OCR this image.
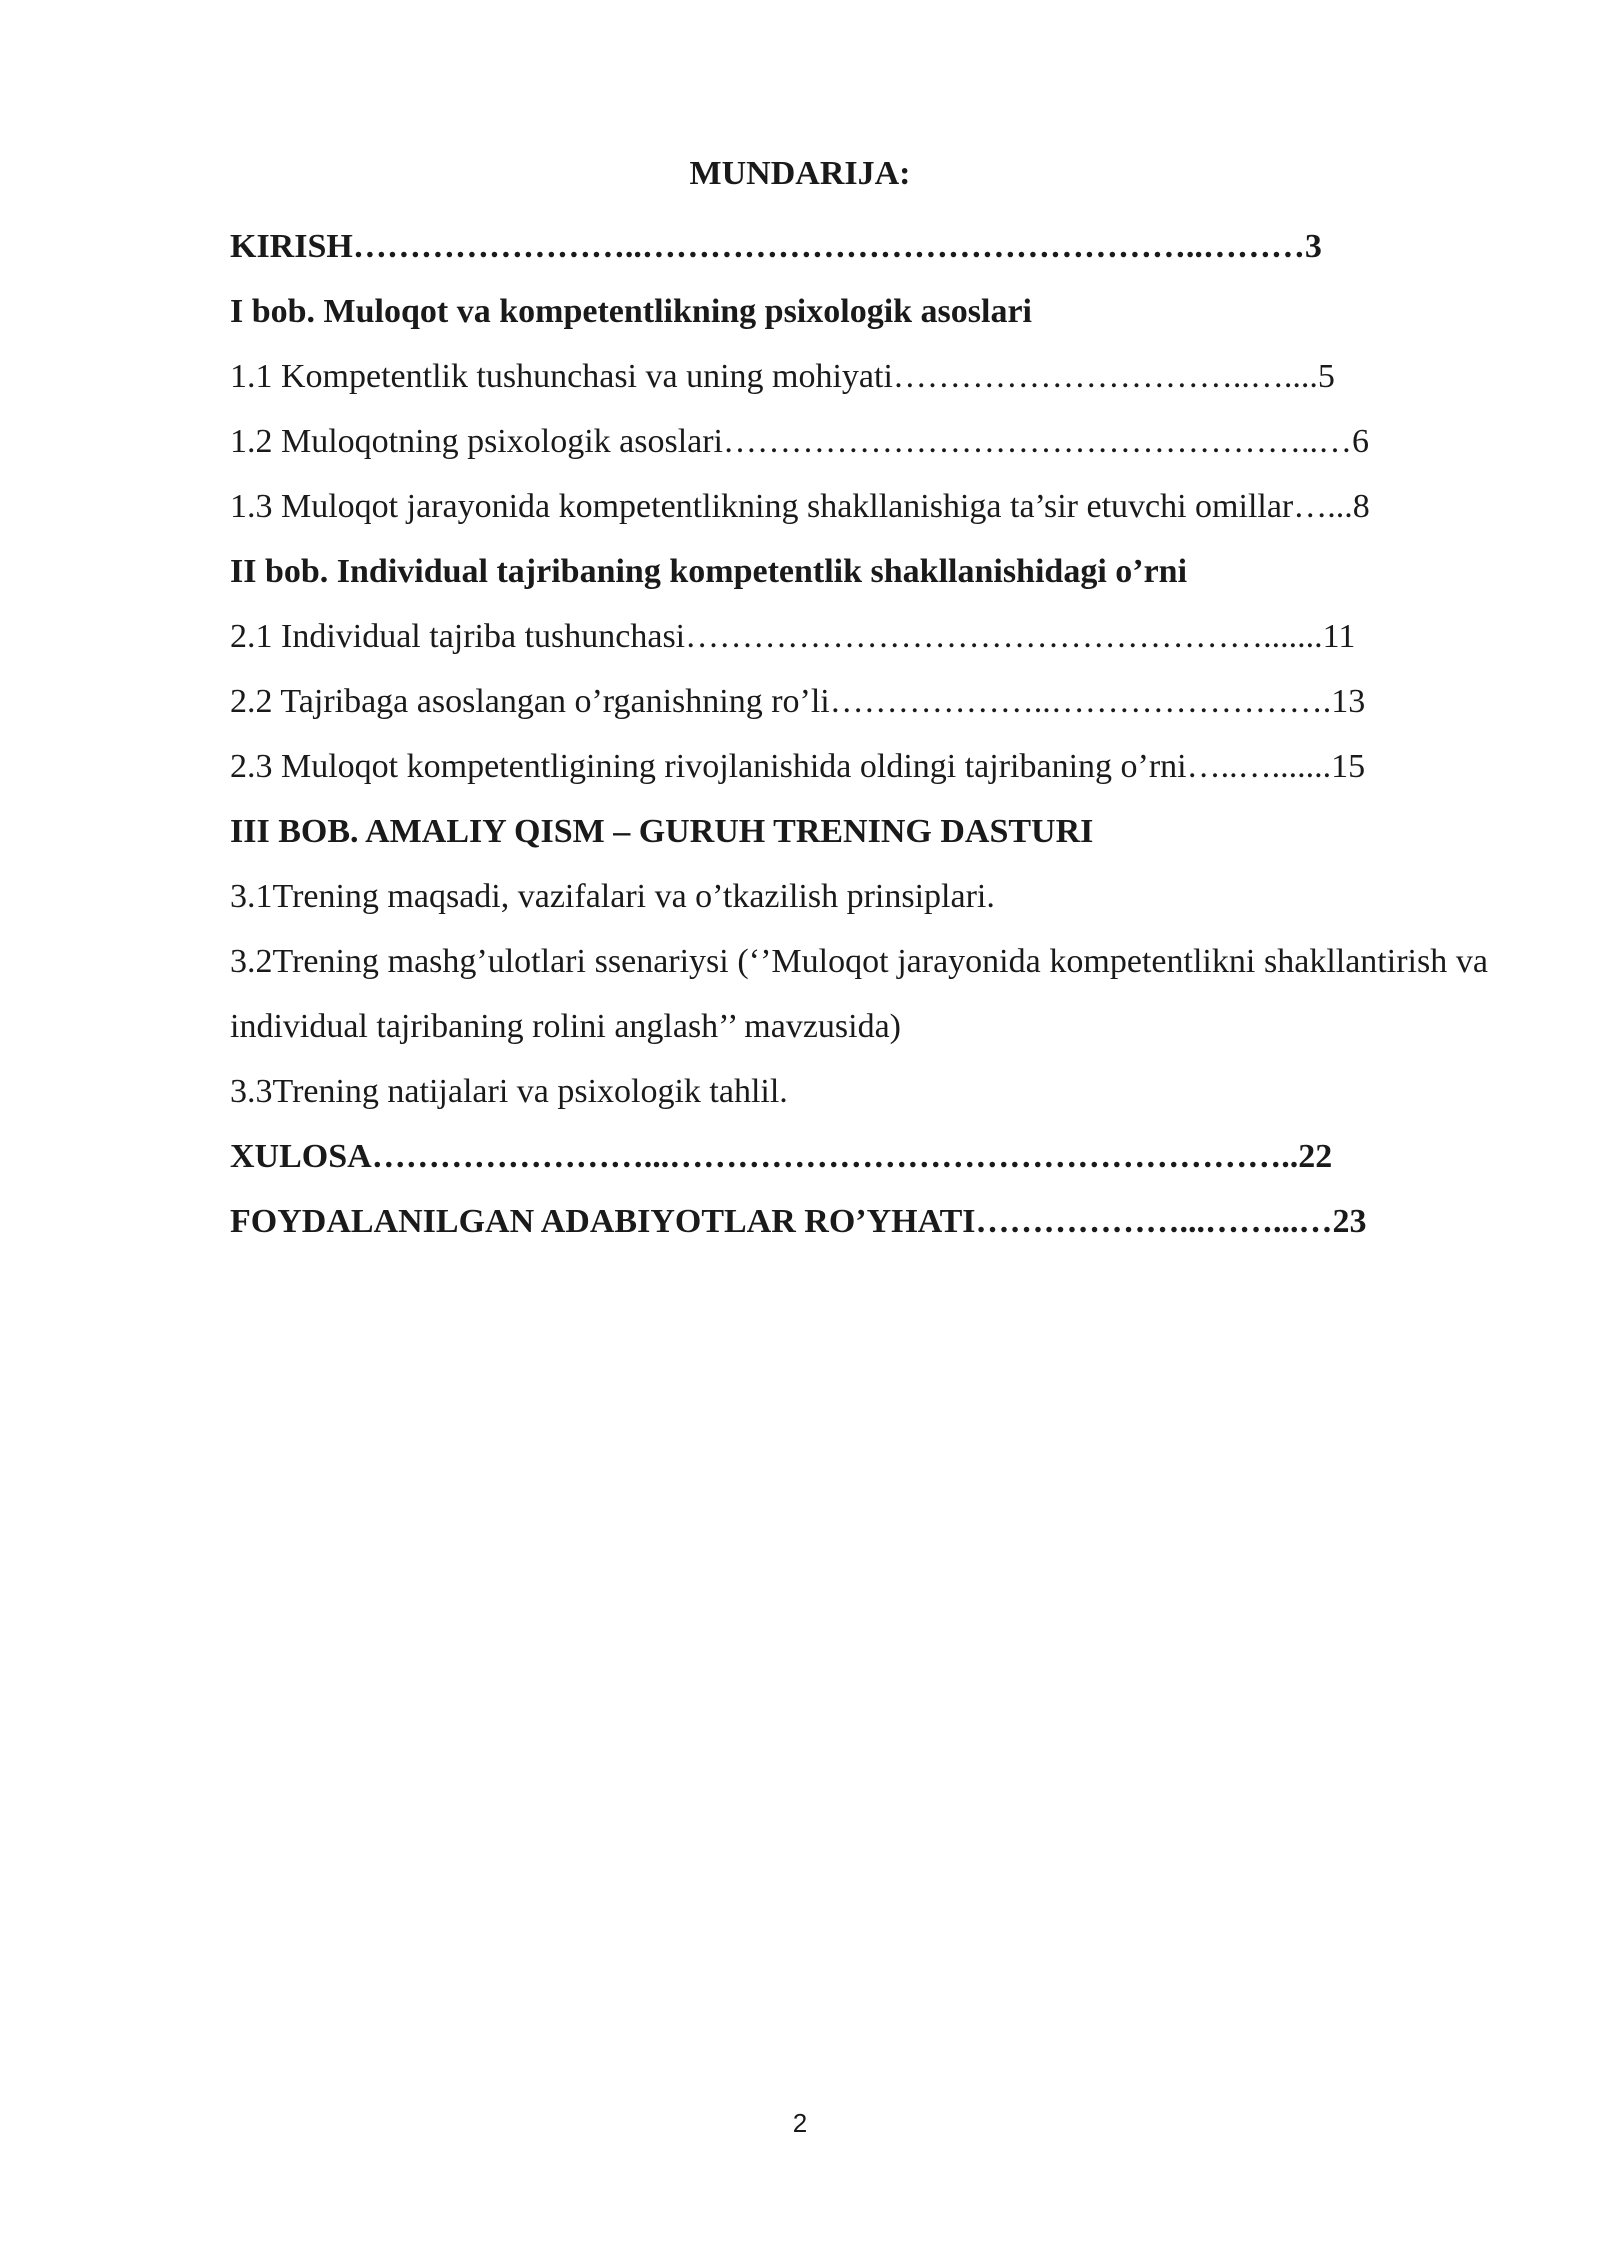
MUNDARIJA:
KIRISH……………………..…………………………………………..………3
I bob. Muloqot va kompetentlikning psixologik asoslari
1.1 Kompetentlik tushunchasi va uning mohiyati…………………………..…....5
1.2 Muloqotning psixologik asoslari……………………………………………..…6
1.3 Muloqot jarayonida kompetentlikning shakllanishiga ta’sir etuvchi omillar…...8
II bob. Individual tajribaning kompetentlik shakllanishidagi o’rni
2.1 Individual tajriba tushunchasi…………………………………………….......11
2.2 Tajribaga asoslangan o’rganishning ro’li………………..…………………….13
2.3 Muloqot kompetentligining rivojlanishida oldingi tajribaning o’rni…..….......15
III BOB. AMALIY QISM – GURUH TRENING DASTURI
3.1Trening maqsadi, vazifalari va o’tkazilish prinsiplari.
3.2Trening mashg’ulotlari ssenariysi (‘’Muloqot jarayonida kompetentlikni shakllantirish va individual tajribaning rolini anglash’’ mavzusida)
3.3Trening natijalari va psixologik tahlil.
XULOSA……………………...………………………………………………..22
FOYDALANILGAN ADABIYOTLAR RO’YHATI………………...……...…23
2
